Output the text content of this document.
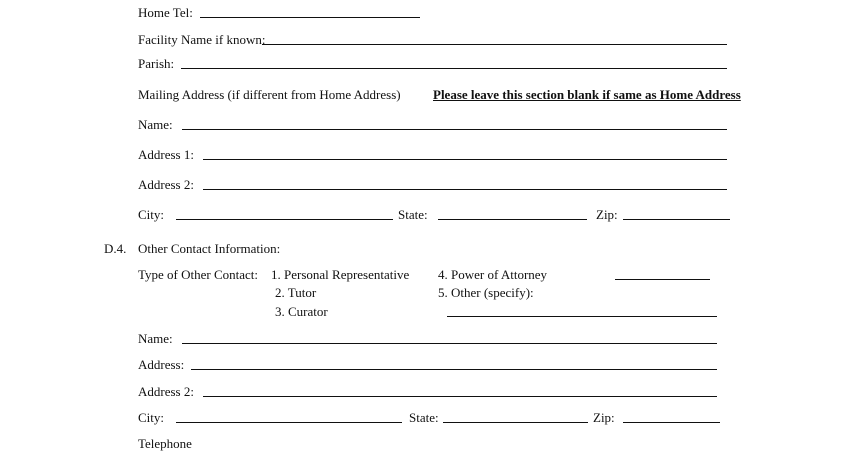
Home Tel:
Facility Name if known:
Parish:
Mailing Address (if different from Home Address) Please leave this section blank if same as Home Address
Name:
Address 1:
Address 2:
City:	State:	Zip:
D.4. Other Contact Information:
Type of Other Contact: 1. Personal Representative
2. Tutor
3. Curator
4. Power of Attorney
5. Other (specify):
Name:
Address:
Address 2:
City:	State:	Zip:
Telephone
